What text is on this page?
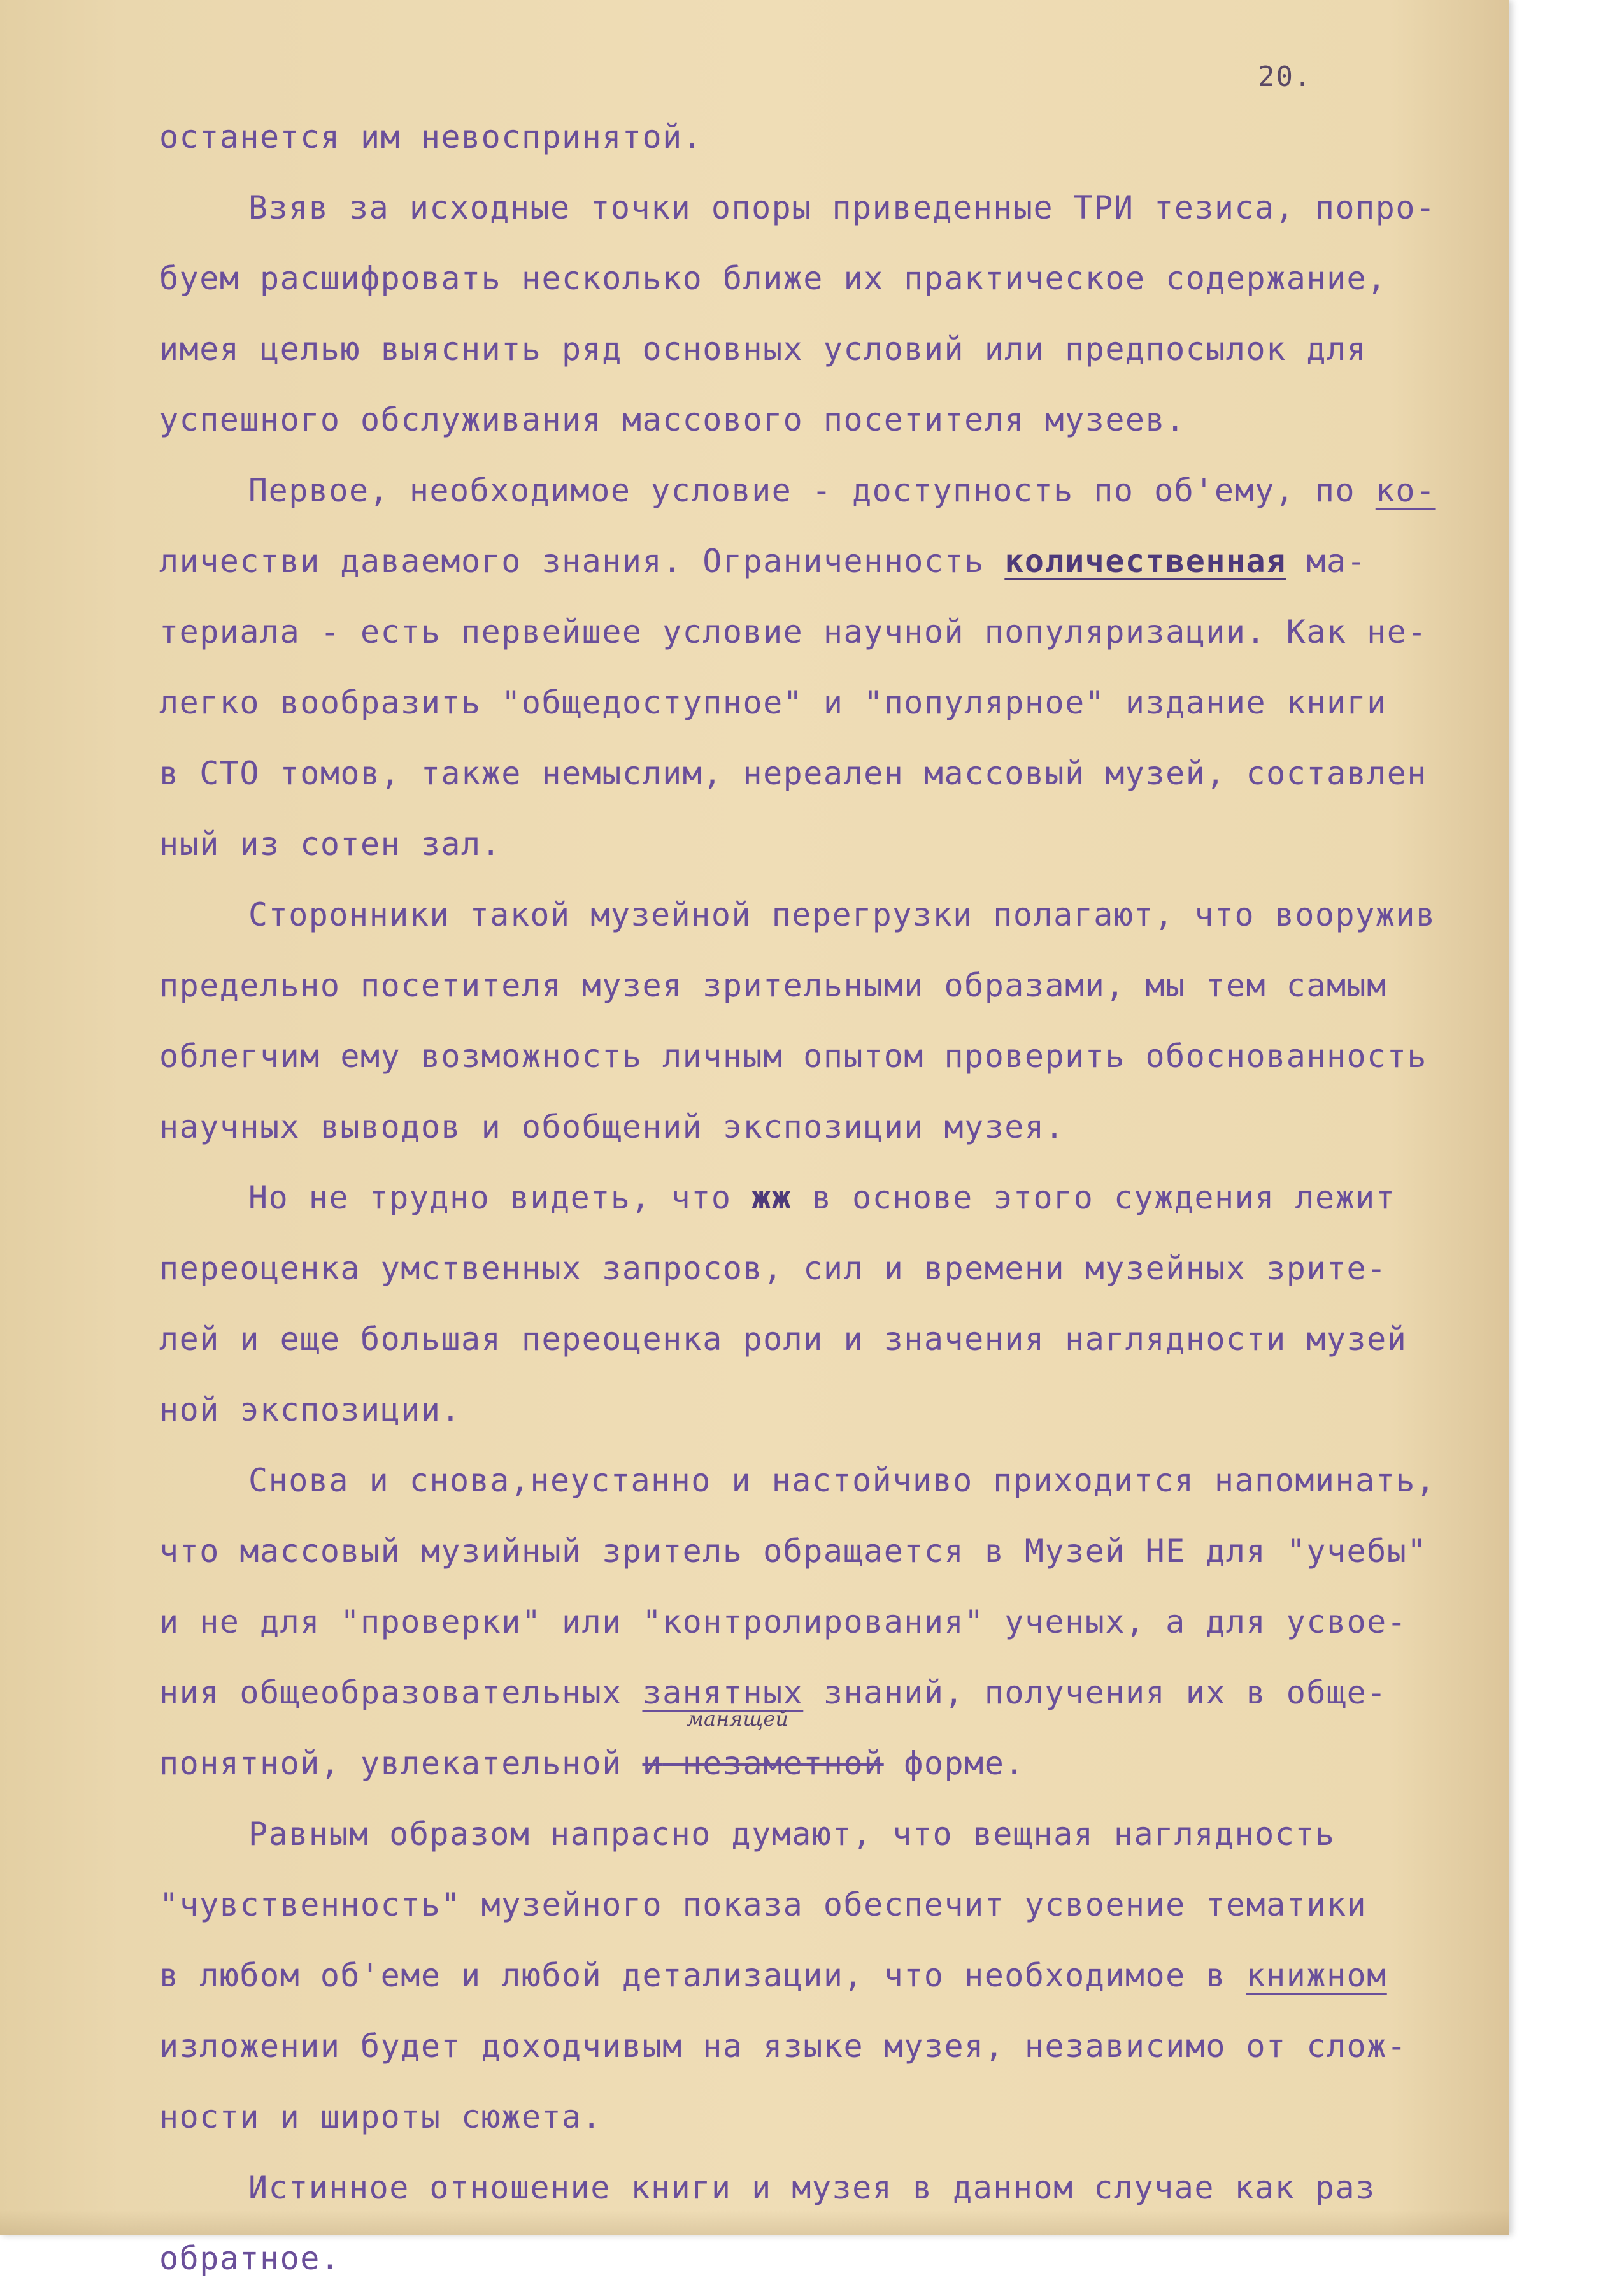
20.
останется им невоспринятой.
Взяв за исходные точки опоры приведенные ТРИ тезиса, попро-
буем расшифровать несколько ближе их практическое содержание,
имея целью выяснить ряд основных условий или предпосылок для
успешного обслуживания массового посетителя музеев.
Первое, необходимое условие - доступность по об'ему, по ко-
личестви даваемого знания. Ограниченность количественная ма-
териала - есть первейшее условие научной популяризации. Как не-
легко вообразить "общедоступное" и "популярное" издание книги
в СТО томов, также немыслим, нереален массовый музей, составлен
ный из сотен зал.
Сторонники такой музейной перегрузки полагают, что вооружив
предельно посетителя музея зрительными образами, мы тем самым
облегчим ему возможность личным опытом проверить обоснованность
научных выводов и обобщений экспозиции музея.
Но не трудно видеть, что жж в основе этого суждения лежит
переоценка умственных запросов, сил и времени музейных зрите-
лей и еще большая переоценка роли и значения наглядности музей
ной экспозиции.
Снова и снова,неустанно и настойчиво приходится напоминать,
что массовый музийный зритель обращается в Музей НЕ для "учебы"
и не для "проверки" или "контролирования" ученых, а для усвое-
ния общеобразовательных занятных знаний, получения их в обще-
понятной, увлекательной и незаметной
манящей
форме.
Равным образом напрасно думают, что вещная наглядность
"чувственность" музейного показа обеспечит усвоение тематики
в любом об'еме и любой детализации, что необходимое в книжном
изложении будет доходчивым на языке музея, независимо от слож-
ности и широты сюжета.
Истинное отношение книги и музея в данном случае как раз
обратное.
